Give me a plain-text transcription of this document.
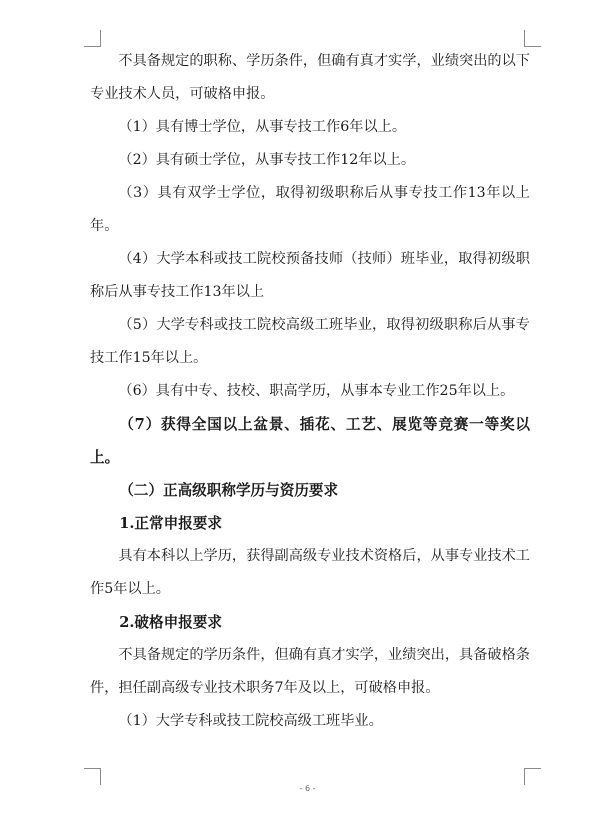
不具备规定的职称、学历条件，但确有真才实学，业绩突出的以下专业技术人员，可破格申报。

（1）具有博士学位，从事专技工作6年以上。

（2）具有硕士学位，从事专技工作12年以上。

（3）具有双学士学位，取得初级职称后从事专技工作13年以上年。

（4）大学本科或技工院校预备技师（技师）班毕业，取得初级职称后从事专技工作13年以上

（5）大学专科或技工院校高级工班毕业，取得初级职称后从事专技工作15年以上。

（6）具有中专、技校、职高学历，从事本专业工作25年以上。

（7）获得全国以上盆景、插花、工艺、展览等竞赛一等奖以上。

（二）正高级职称学历与资历要求

1.正常申报要求

具有本科以上学历，获得副高级专业技术资格后，从事专业技术工作5年以上。

2.破格申报要求

不具备规定的学历条件，但确有真才实学，业绩突出，具备破格条件，担任副高级专业技术职务7年及以上，可破格申报。

（1）大学专科或技工院校高级工班毕业。

- 6 -
